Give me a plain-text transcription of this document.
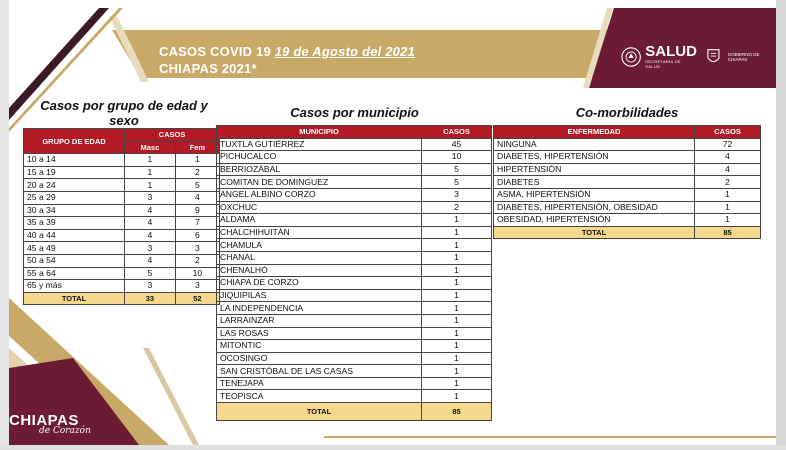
CASOS COVID 19 19 de Agosto del 2021
CHIAPAS 2021*
SALUD
SECRETARÍA DE SALUD
GOBIERNO DE CHIAPAS
Casos por grupo de edad y sexo
GRUPO DE EDAD	CASOS	
	Masc	Fem
10 a 14	1	1
15 a 19	1	2
20 a 24	1	5
25 a 29	3	4
30 a 34	4	9
35 a 39	4	7
40 a 44	4	6
45 a 49	3	3
50 a 54	4	2
55 a 64	5	10
65 y más	3	3
TOTAL	33	52
Casos por municipio
MUNICIPIO	CASOS
TUXTLA GUTIÉRREZ	45
PICHUCALCO	10
BERRIOZÁBAL	5
COMITAN DE DOMINGUEZ	5
ANGEL ALBINO CORZO	3
OXCHUC	2
ALDAMA	1
CHALCHIHUITÁN	1
CHAMULA	1
CHANAL	1
CHENALHÓ	1
CHIAPA DE CORZO	1
JIQUIPILAS	1
LA INDEPENDENCIA	1
LARRAINZAR	1
LAS ROSAS	1
MITONTIC	1
OCOSINGO	1
SAN CRISTÓBAL DE LAS CASAS	1
TENEJAPA	1
TEOPISCA	1
TOTAL	85
Co-morbilidades
ENFERMEDAD	CASOS
NINGUNA	72
DIABETES, HIPERTENSIÓN	4
HIPERTENSIÓN	4
DIABETES	2
ASMA, HIPERTENSIÓN	1
DIABETES, HIPERTENSIÓN, OBESIDAD	1
OBESIDAD, HIPERTENSIÓN	1
TOTAL	85
CHIAPAS
de Corazón
